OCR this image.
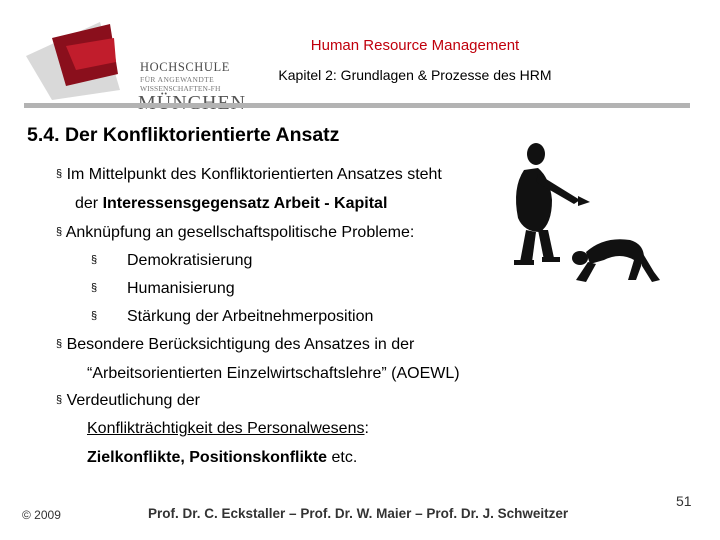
HOCHSCHULE
FÜR ANGEWANDTE
WISSENSCHAFTEN-FH
Human Resource Management
Kapitel 2: Grundlagen & Prozesse des HRM
5.4. Der Konfliktorientierte Ansatz
§ Im Mittelpunkt des Konfliktorientierten Ansatzes steht
der Interessensgegensatz Arbeit - Kapital
§ Anknüpfung an gesellschaftspolitische Probleme:
§ Demokratisierung
§ Humanisierung
§ Stärkung der Arbeitnehmerposition
§ Besondere Berücksichtigung des Ansatzes in der
“Arbeitsorientierten Einzelwirtschaftslehre” (AOEWL)
§ Verdeutlichung der
Konflikträchtigkeit des Personalwesens:
Zielkonflikte, Positionskonflikte etc.
© 2009	Prof. Dr. C. Eckstaller – Prof. Dr. W. Maier – Prof. Dr. J. Schweitzer
51
